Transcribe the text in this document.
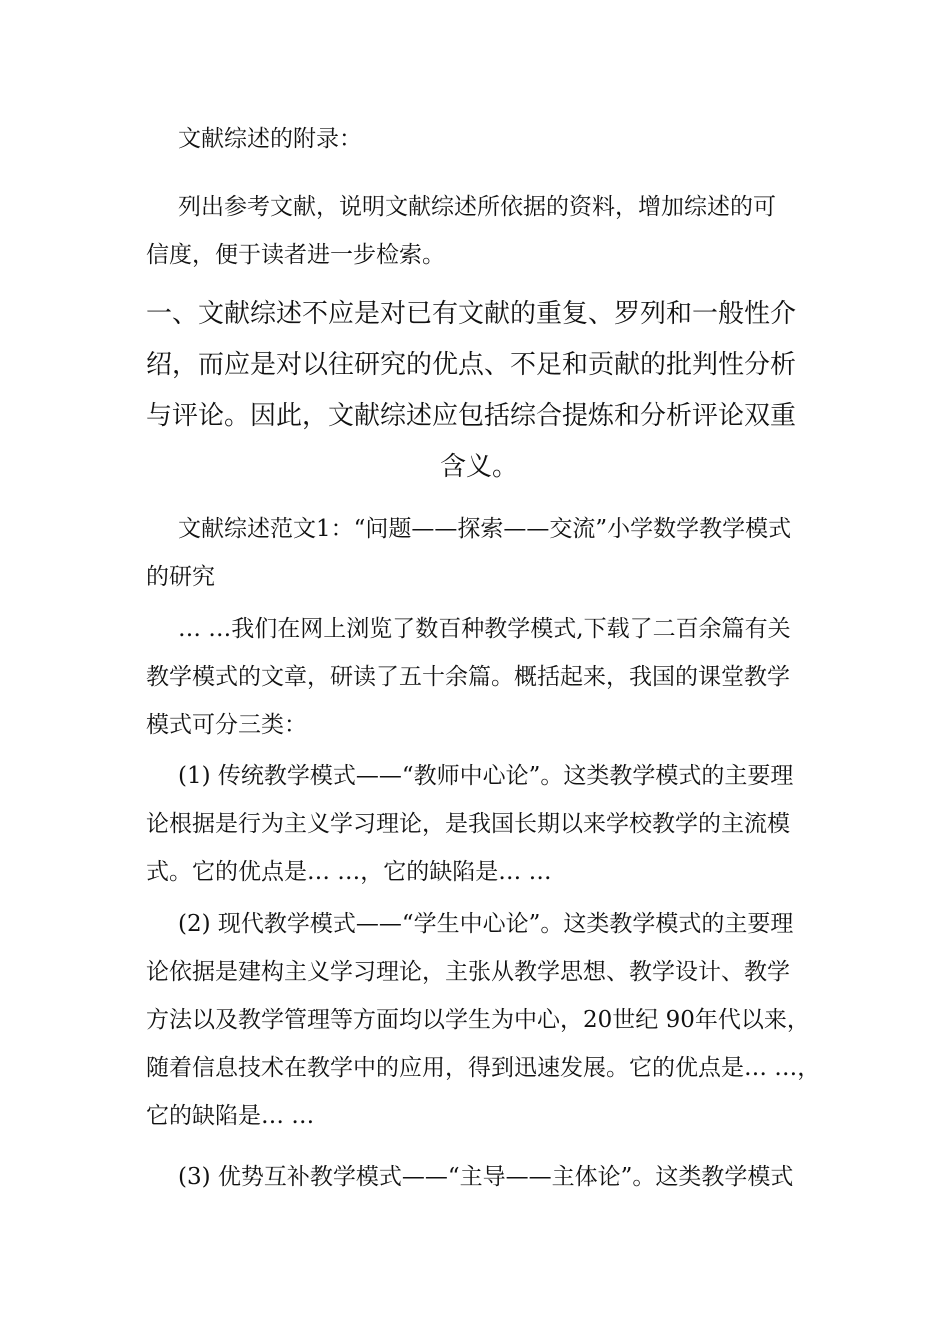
文献综述的附录：

列出参考文献，说明文献综述所依据的资料，增加综述的可
信度，便于读者进一步检索。
一、文献综述不应是对已有文献的重复、罗列和一般性介
绍，而应是对以往研究的优点、不足和贡献的批判性分析
与评论。因此，文献综述应包括综合提炼和分析评论双重
含义。
文献综述范文1：“问题——探索——交流”小学数学教学模式
的研究
… …我们在网上浏览了数百种教学模式,下载了二百余篇有关
教学模式的文章，研读了五十余篇。概括起来，我国的课堂教学
模式可分三类：
(1) 传统教学模式——“教师中心论”。这类教学模式的主要理
论根据是行为主义学习理论，是我国长期以来学校教学的主流模
式。它的优点是… …，它的缺陷是… …
(2) 现代教学模式——“学生中心论”。这类教学模式的主要理
论依据是建构主义学习理论，主张从教学思想、教学设计、教学
方法以及教学管理等方面均以学生为中心，20世纪 90年代以来，
随着信息技术在教学中的应用，得到迅速发展。它的优点是… …，
它的缺陷是… …
(3) 优势互补教学模式——“主导——主体论”。这类教学模式
